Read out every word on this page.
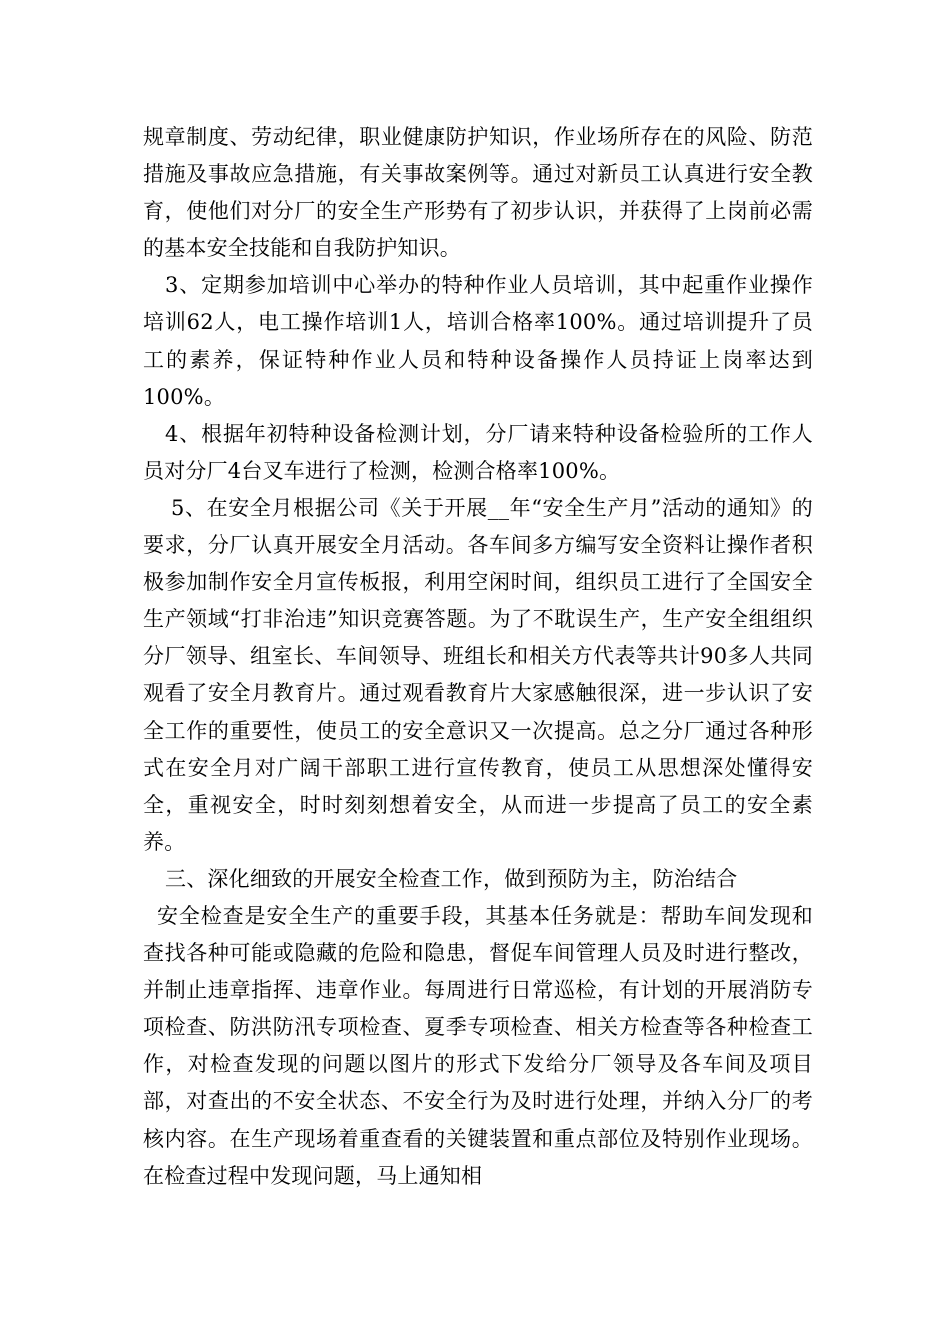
规章制度、劳动纪律，职业健康防护知识，作业场所存在的风险、防范措施及事故应急措施，有关事故案例等。通过对新员工认真进行安全教育，使他们对分厂的安全生产形势有了初步认识，并获得了上岗前必需的基本安全技能和自我防护知识。

3、定期参加培训中心举办的特种作业人员培训，其中起重作业操作培训62人，电工操作培训1人，培训合格率100%。通过培训提升了员工的素养，保证特种作业人员和特种设备操作人员持证上岗率达到100%。

4、根据年初特种设备检测计划，分厂请来特种设备检验所的工作人员对分厂4台叉车进行了检测，检测合格率100%。

5、在安全月根据公司《关于开展__年“安全生产月”活动的通知》的要求，分厂认真开展安全月活动。各车间多方编写安全资料让操作者积极参加制作安全月宣传板报，利用空闲时间，组织员工进行了全国安全生产领域“打非治违”知识竞赛答题。为了不耽误生产，生产安全组组织分厂领导、组室长、车间领导、班组长和相关方代表等共计90多人共同观看了安全月教育片。通过观看教育片大家感触很深，进一步认识了安全工作的重要性，使员工的安全意识又一次提高。总之分厂通过各种形式在安全月对广阔干部职工进行宣传教育，使员工从思想深处懂得安全，重视安全，时时刻刻想着安全，从而进一步提高了员工的安全素养。

三、深化细致的开展安全检查工作，做到预防为主，防治结合

安全检查是安全生产的重要手段，其基本任务就是：帮助车间发现和查找各种可能或隐藏的危险和隐患，督促车间管理人员及时进行整改，并制止违章指挥、违章作业。每周进行日常巡检，有计划的开展消防专项检查、防洪防汛专项检查、夏季专项检查、相关方检查等各种检查工作，对检查发现的问题以图片的形式下发给分厂领导及各车间及项目部，对查出的不安全状态、不安全行为及时进行处理，并纳入分厂的考核内容。在生产现场着重查看的关键装置和重点部位及特别作业现场。在检查过程中发现问题，马上通知相
